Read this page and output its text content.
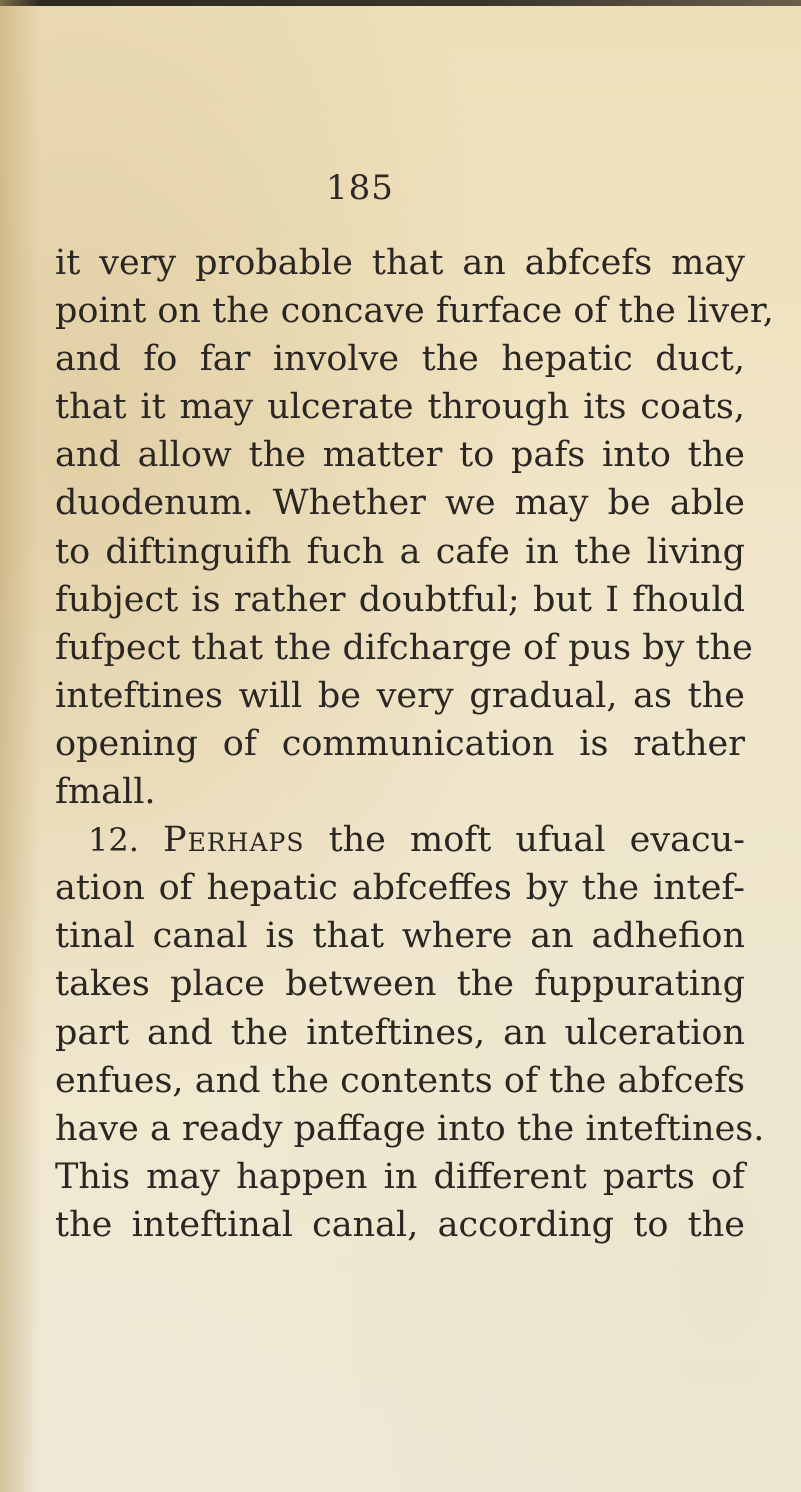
185
it very probable that an abfcefs may
point on the concave furface of the liver,
and fo far involve the hepatic duct,
that it may ulcerate through its coats,
and allow the matter to pafs into the
duodenum. Whether we may be able
to diftinguifh fuch a cafe in the living
fubject is rather doubtful; but I fhould
fufpect that the difcharge of pus by the
inteftines will be very gradual, as the
opening of communication is rather
fmall.
12. Perhaps the moft ufual evacu-
ation of hepatic abfceffes by the intef-
tinal canal is that where an adhefion
takes place between the fuppurating
part and the inteftines, an ulceration
enfues, and the contents of the abfcefs
have a ready paffage into the inteftines.
This may happen in different parts of
the inteftinal canal, according to the
